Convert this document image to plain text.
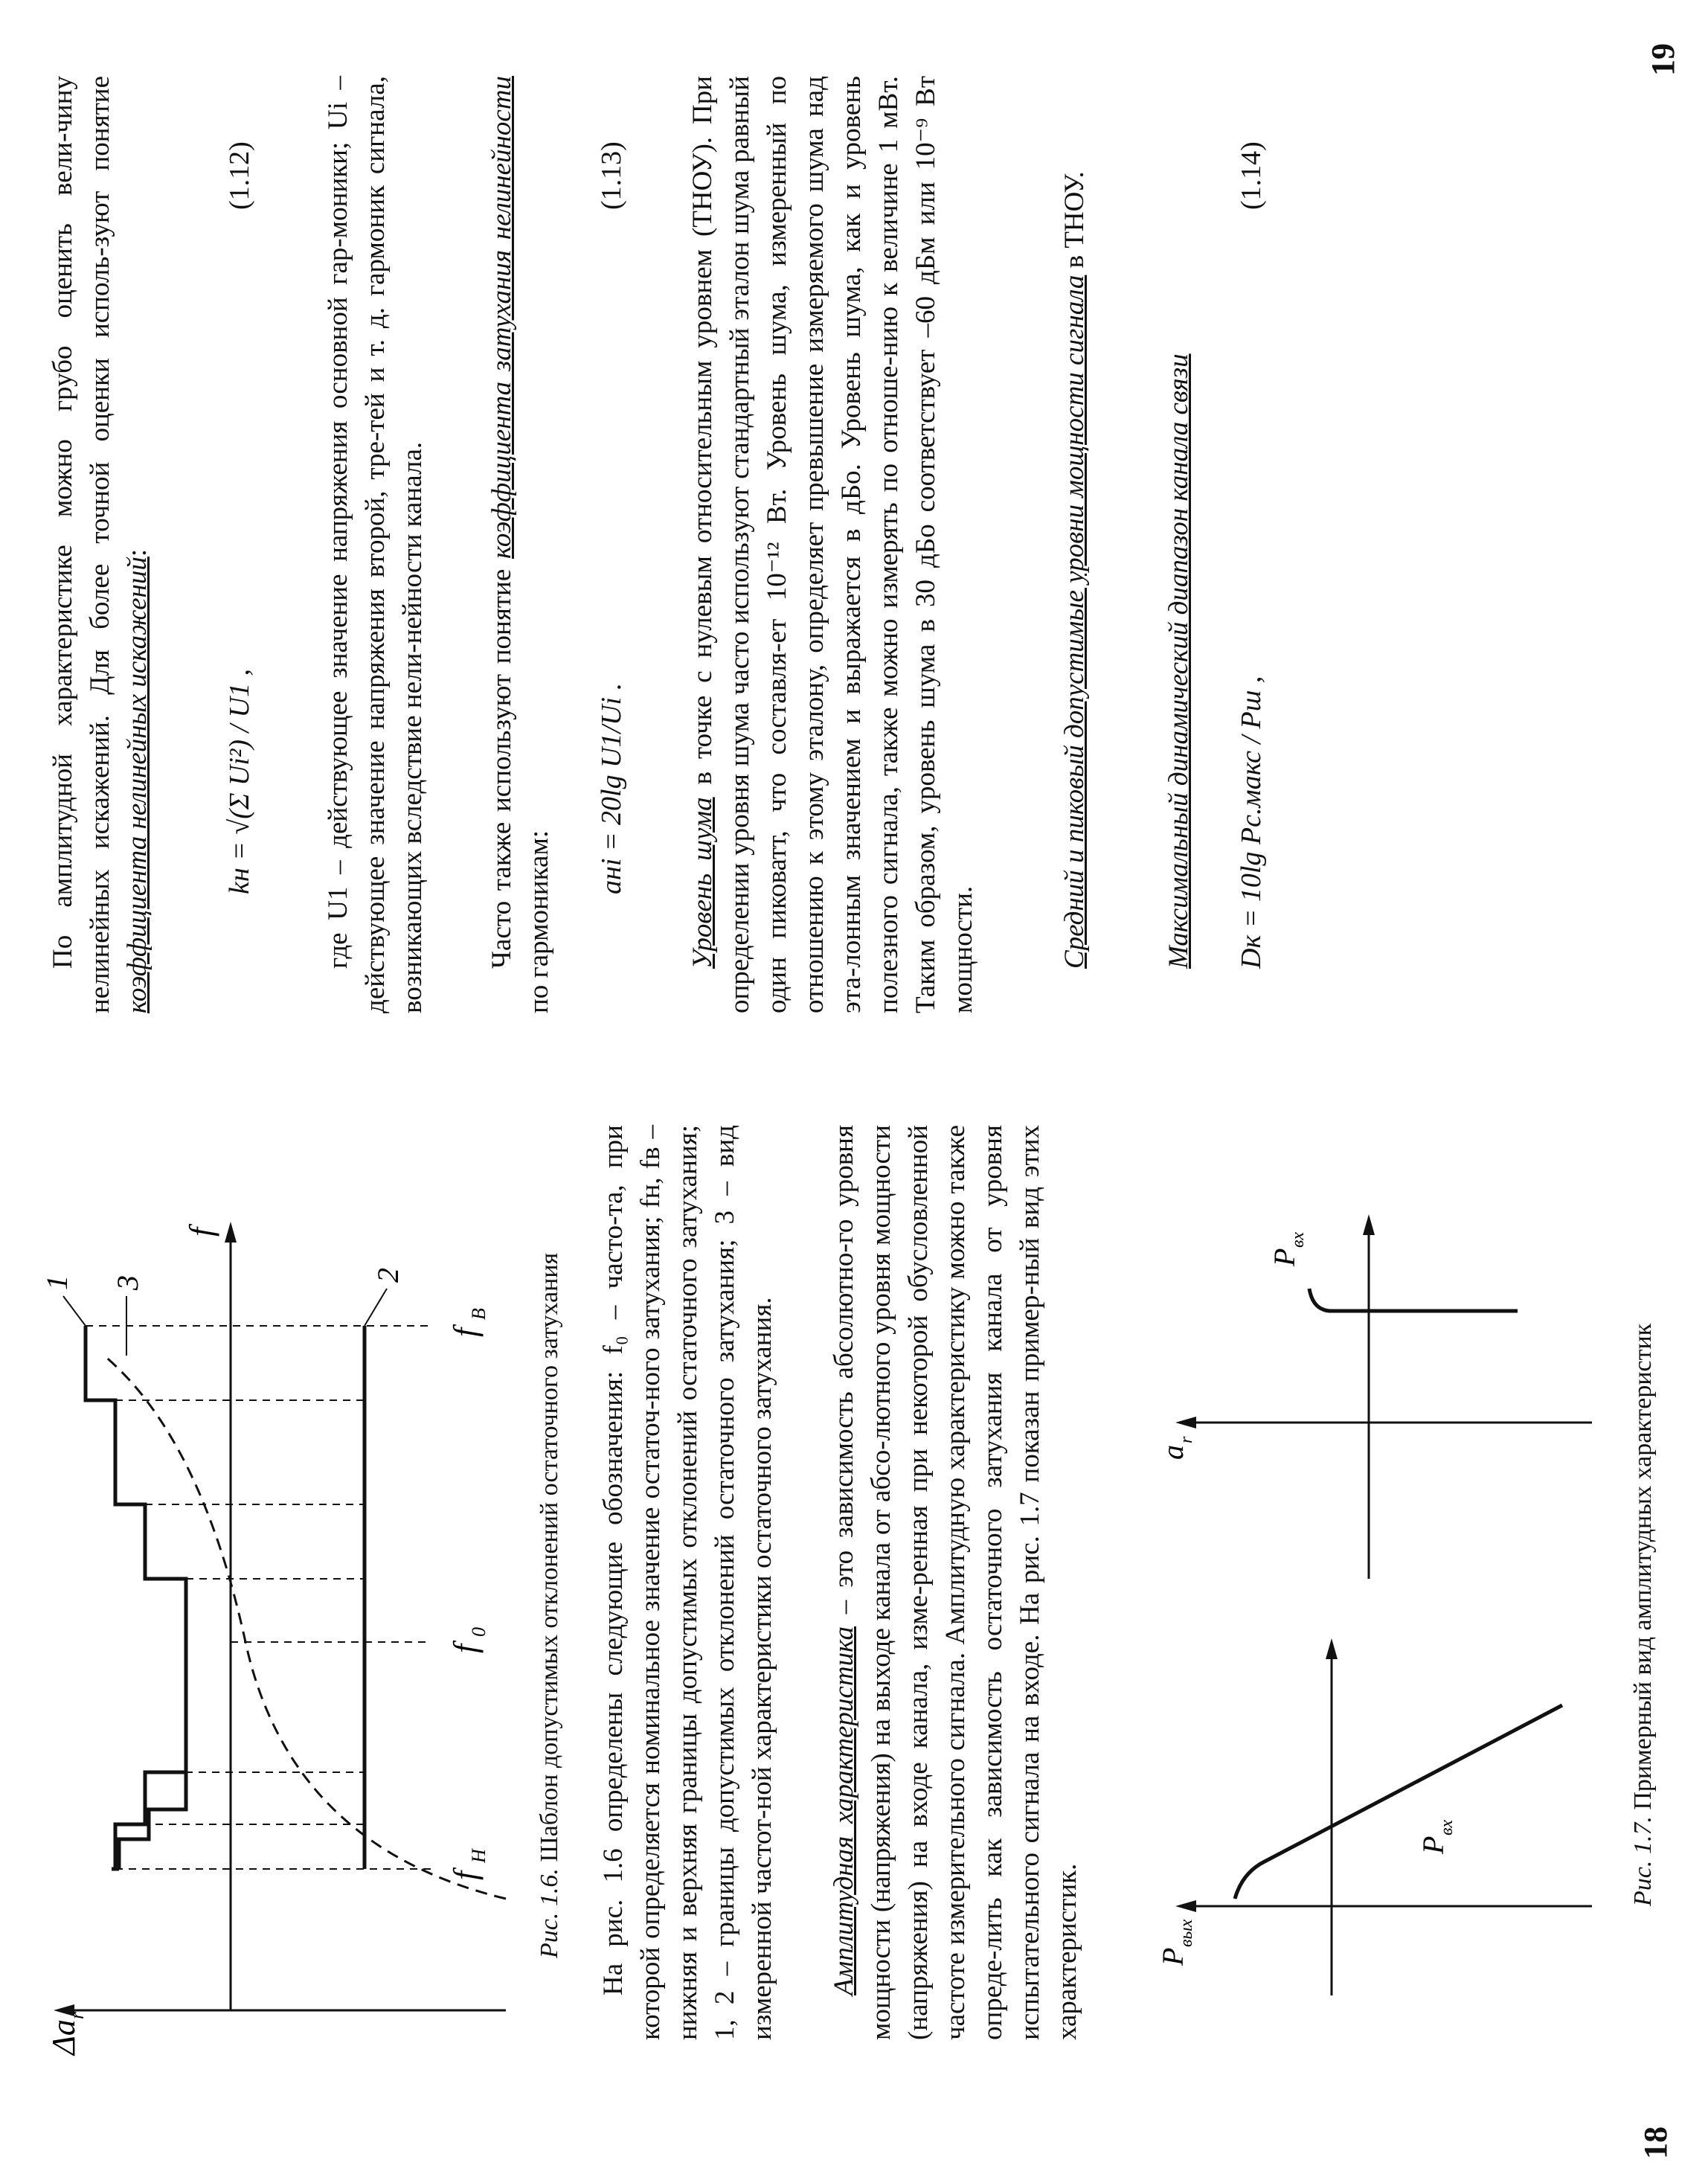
Δa
r
f
f
H
f
0
f
B
1	2
3
Рис. 1.6. Шаблон допустимых отклонений остаточного затухания На рис. 1.6 определены следующие обозначения: f₀ – часто-та, при которой определяется номинальное значение остаточ-ного затухания; fн, fв – нижняя и верхняя границы допустимых отклонений остаточного затухания; 1, 2 – границы допустимых отклонений остаточного затухания; 3 – вид измеренной частот-ной характеристики остаточного затухания. Амплитудная характеристика – это зависимость абсолютно-го уровня мощности (напряжения) на выходе канала от абсо-лютного уровня мощности (напряжения) на входе канала, изме-ренная при некоторой обусловленной частоте измерительного сигнала. Амплитудную характеристику можно также опреде-лить как зависимость остаточного затухания канала от уровня испытательного сигнала на входе. На рис. 1.7 показан пример-ный вид этих характеристик. P
вых
P
вх
a
r
P
вх
Рис. 1.7. Примерный вид амплитудных характеристик
18
По амплитудной характеристике можно грубо оценить вели-чину нелинейных искажений. Для более точной оценки исполь-зуют понятие коэффициента нелинейных искажений:
kн = √(Σ Ui²) / U1 ,
(1.12) где U1 – действующее значение напряжения основной гар-моники; Ui – действующее значение напряжения второй, тре-тей и т. д. гармоник сигнала, возникающих вследствие нели-нейности канала. Часто также используют понятие коэффициента затухания нелинейности по гармоникам:
aнi = 20lg U1/Ui .
(1.13)
Уровень шума в точке с нулевым относительным уровнем (ТНОУ). При определении уровня шума часто используют стандартный эталон шума равный один пиковатт, что составля-ет 10⁻¹² Вт. Уровень шума, измеренный по отношению к этому эталону, определяет превышение измеряемого шума над эта-лонным значением и выражается в дБо. Уровень шума, как и уровень полезного сигнала, также можно измерять по отноше-нию к величине 1 мВт. Таким образом, уровень шума в 30 дБо соответствует –60 дБм или 10⁻⁹ Вт мощности.	Средний и пиковый допустимые уровни мощности сигнала в ТНОУ.
Максимальный динамический диапазон канала связи Dк = 10lg Pс.макс / Pш ,
(1.14)
19
